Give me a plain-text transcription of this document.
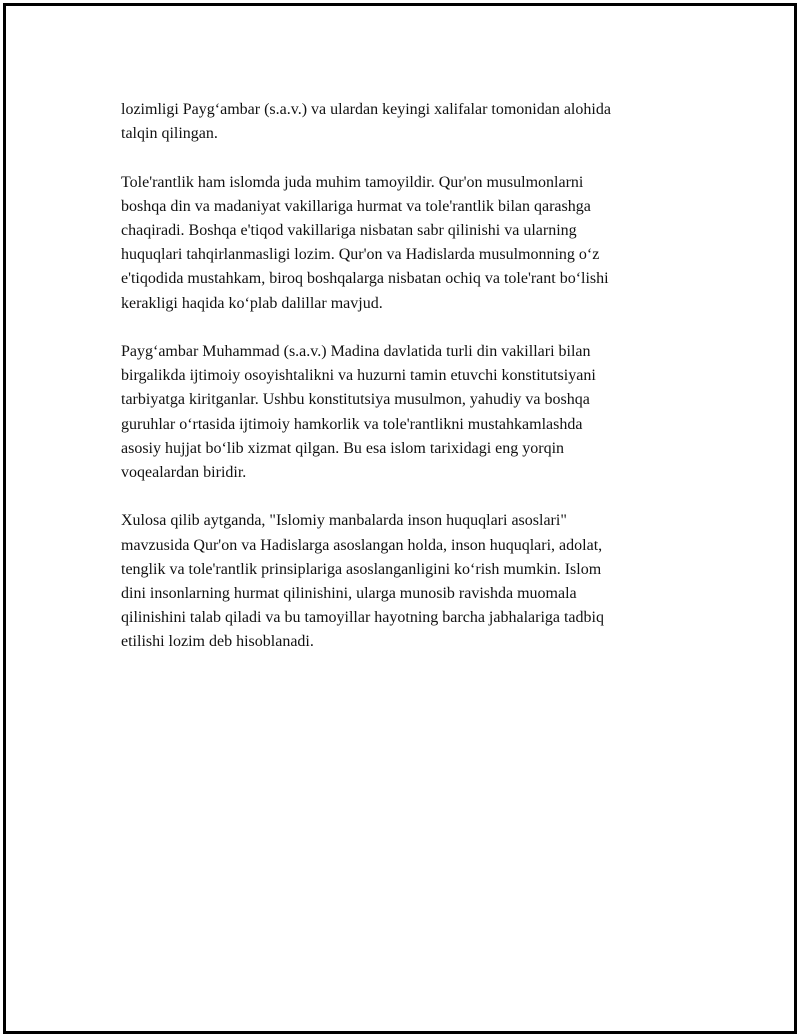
lozimligi Payg‘ambar (s.a.v.) va ulardan keyingi xalifalar tomonidan alohida
talqin qilingan.

Tole'rantlik ham islomda juda muhim tamoyildir. Qur'on musulmonlarni
boshqa din va madaniyat vakillariga hurmat va tole'rantlik bilan qarashga
chaqiradi. Boshqa e'tiqod vakillariga nisbatan sabr qilinishi va ularning
huquqlari tahqirlanmasligi lozim. Qur'on va Hadislarda musulmonning o‘z
e'tiqodida mustahkam, biroq boshqalarga nisbatan ochiq va tole'rant bo‘lishi
kerakligi haqida ko‘plab dalillar mavjud.

Payg‘ambar Muhammad (s.a.v.) Madina davlatida turli din vakillari bilan
birgalikda ijtimoiy osoyishtalikni va huzurni tamin etuvchi konstitutsiyani
tarbiyatga kiritganlar. Ushbu konstitutsiya musulmon, yahudiy va boshqa
guruhlar o‘rtasida ijtimoiy hamkorlik va tole'rantlikni mustahkamlashda
asosiy hujjat bo‘lib xizmat qilgan. Bu esa islom tarixidagi eng yorqin
voqealardan biridir.

Xulosa qilib aytganda, "Islomiy manbalarda inson huquqlari asoslari"
mavzusida Qur'on va Hadislarga asoslangan holda, inson huquqlari, adolat,
tenglik va tole'rantlik prinsiplariga asoslanganligini ko‘rish mumkin. Islom
dini insonlarning hurmat qilinishini, ularga munosib ravishda muomala
qilinishini talab qiladi va bu tamoyillar hayotning barcha jabhalariga tadbiq
etilishi lozim deb hisoblanadi.
